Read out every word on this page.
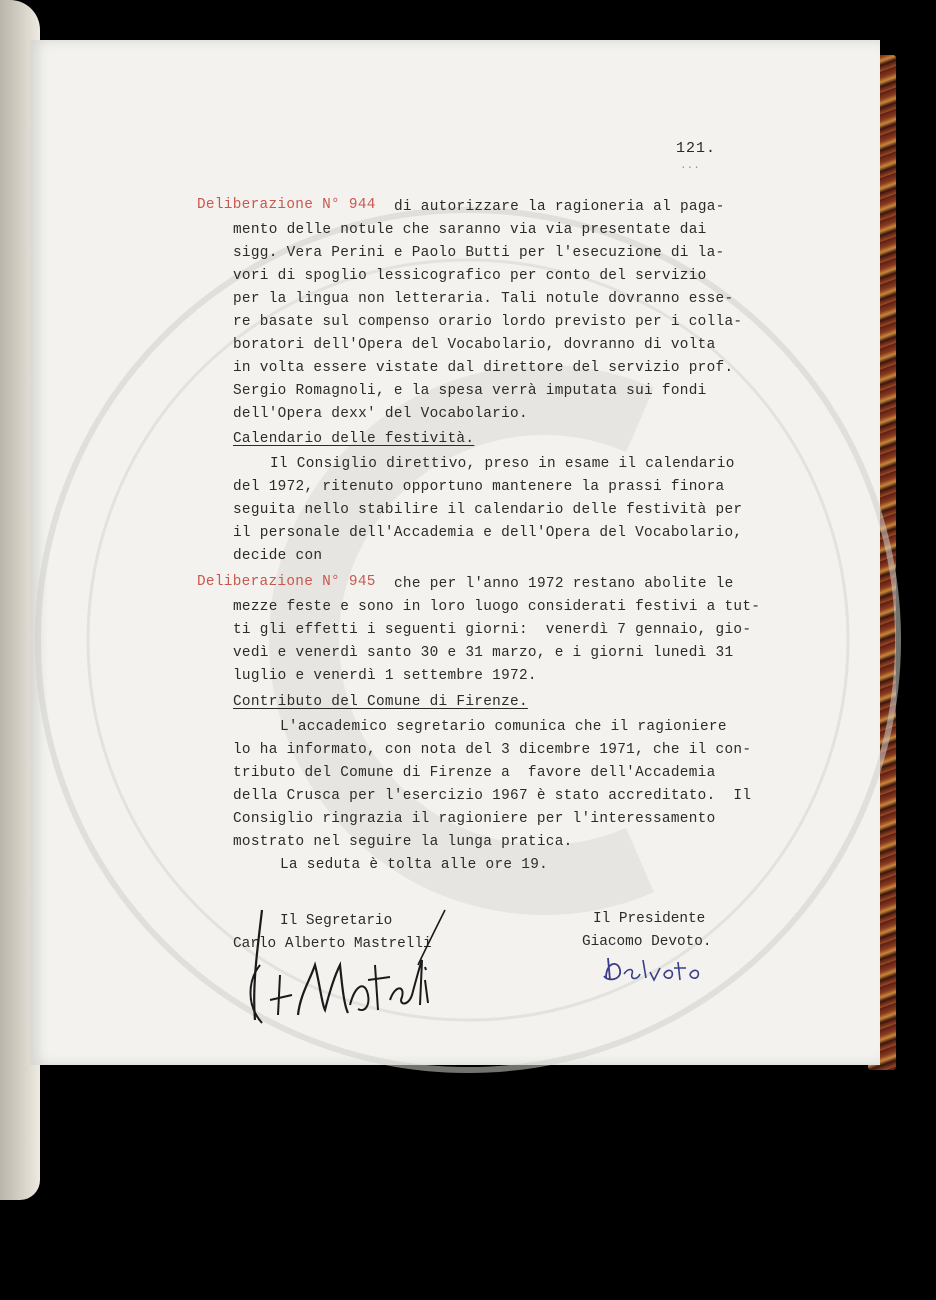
121.
...
Deliberazione N° 944 di autorizzare la ragioneria al paga-
mento delle notule che saranno via via presentate dai
sigg. Vera Perini e Paolo Butti per l'esecuzione di la-
vori di spoglio lessicografico per conto del servizio
per la lingua non letteraria. Tali notule dovranno esse-
re basate sul compenso orario lordo previsto per i colla-
boratori dell'Opera del Vocabolario, dovranno di volta
in volta essere vistate dal direttore del servizio prof.
Sergio Romagnoli, e la spesa verrà imputata sui fondi
dell'Opera dexx' del Vocabolario.
Calendario delle festività.
Il Consiglio direttivo, preso in esame il calendario
del 1972, ritenuto opportuno mantenere la prassi finora
seguita nello stabilire il calendario delle festività per
il personale dell'Accademia e dell'Opera del Vocabolario,
decide con
Deliberazione N° 945 che per l'anno 1972 restano abolite le
mezze feste e sono in loro luogo considerati festivi a tut-
ti gli effetti i seguenti giorni:  venerdì 7 gennaio, gio-
vedì e venerdì santo 30 e 31 marzo, e i giorni lunedì 31
luglio e venerdì 1 settembre 1972.
Contributo del Comune di Firenze.
L'accademico segretario comunica che il ragioniere
lo ha informato, con nota del 3 dicembre 1971, che il con-
tributo del Comune di Firenze a  favore dell'Accademia
della Crusca per l'esercizio 1967 è stato accreditato.  Il
Consiglio ringrazia il ragioniere per l'interessamento
mostrato nel seguire la lunga pratica.
La seduta è tolta alle ore 19.
Il Segretario
Carlo Alberto Mastrelli
Il Presidente
Giacomo Devoto.
